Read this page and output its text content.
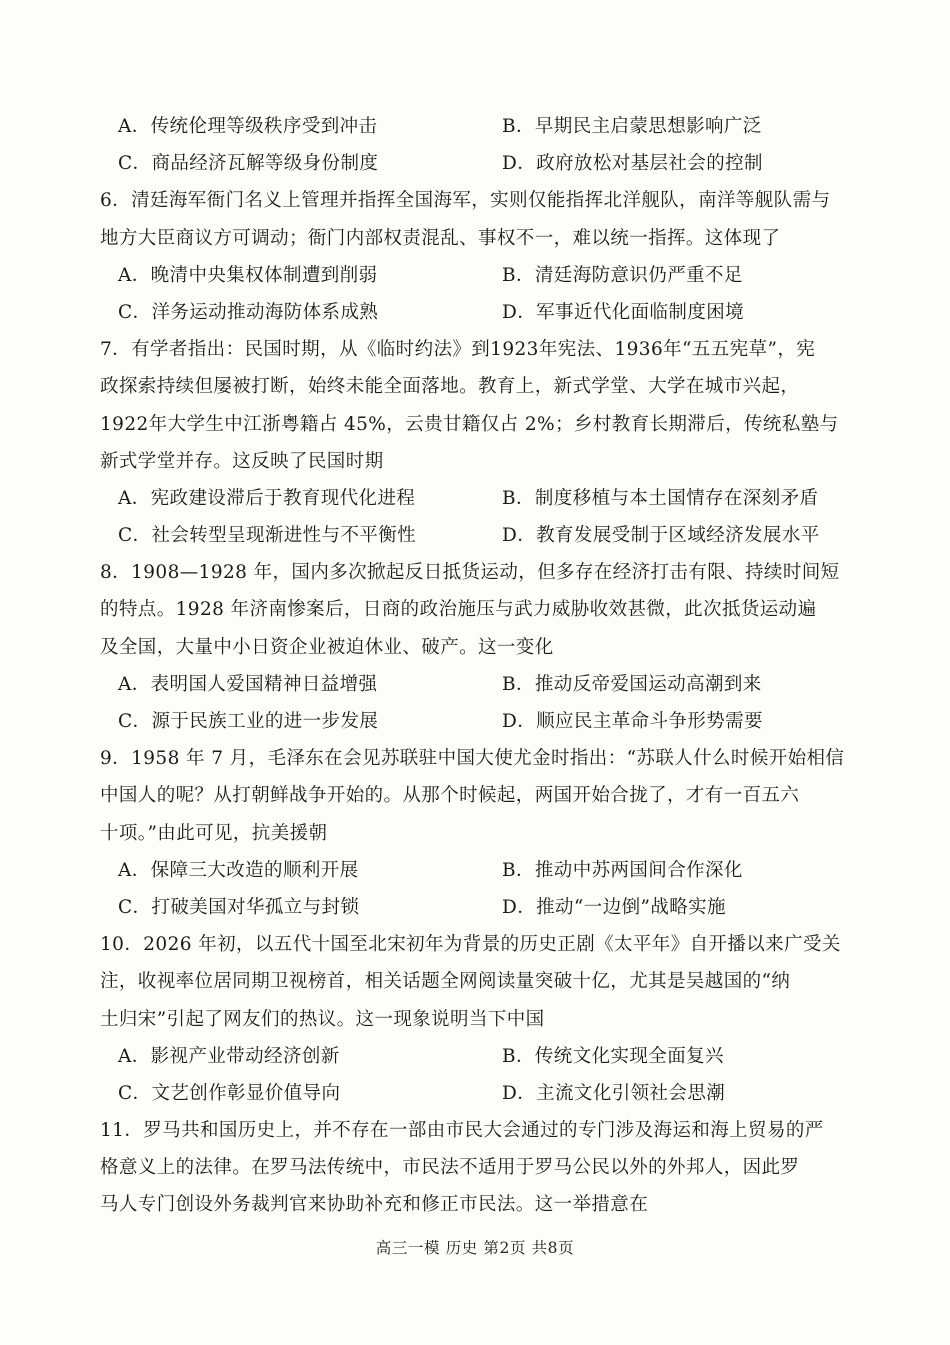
A．传统伦理等级秩序受到冲击	B．早期民主启蒙思想影响广泛
C．商品经济瓦解等级身份制度	D．政府放松对基层社会的控制
6．清廷海军衙门名义上管理并指挥全国海军，实则仅能指挥北洋舰队，南洋等舰队需与
地方大臣商议方可调动；衙门内部权责混乱、事权不一，难以统一指挥。这体现了
A．晚清中央集权体制遭到削弱	B．清廷海防意识仍严重不足
C．洋务运动推动海防体系成熟	D．军事近代化面临制度困境
7．有学者指出：民国时期，从《临时约法》到1923年宪法、1936年“五五宪草”，宪
政探索持续但屡被打断，始终未能全面落地。教育上，新式学堂、大学在城市兴起，
1922年大学生中江浙粤籍占 45%，云贵甘籍仅占 2%；乡村教育长期滞后，传统私塾与
新式学堂并存。这反映了民国时期
A．宪政建设滞后于教育现代化进程	B．制度移植与本土国情存在深刻矛盾
C．社会转型呈现渐进性与不平衡性	D．教育发展受制于区域经济发展水平
8．1908—1928 年，国内多次掀起反日抵货运动，但多存在经济打击有限、持续时间短
的特点。1928 年济南惨案后，日商的政治施压与武力威胁收效甚微，此次抵货运动遍
及全国，大量中小日资企业被迫休业、破产。这一变化
A．表明国人爱国精神日益增强	B．推动反帝爱国运动高潮到来
C．源于民族工业的进一步发展	D．顺应民主革命斗争形势需要
9．1958 年 7 月，毛泽东在会见苏联驻中国大使尤金时指出：“苏联人什么时候开始相信
中国人的呢？从打朝鲜战争开始的。从那个时候起，两国开始合拢了，才有一百五六
十项。”由此可见，抗美援朝
A．保障三大改造的顺利开展	B．推动中苏两国间合作深化
C．打破美国对华孤立与封锁	D．推动“一边倒”战略实施
10．2026 年初，以五代十国至北宋初年为背景的历史正剧《太平年》自开播以来广受关
注，收视率位居同期卫视榜首，相关话题全网阅读量突破十亿，尤其是吴越国的“纳
土归宋”引起了网友们的热议。这一现象说明当下中国
A．影视产业带动经济创新	B．传统文化实现全面复兴
C．文艺创作彰显价值导向	D．主流文化引领社会思潮
11．罗马共和国历史上，并不存在一部由市民大会通过的专门涉及海运和海上贸易的严
格意义上的法律。在罗马法传统中，市民法不适用于罗马公民以外的外邦人，因此罗
马人专门创设外务裁判官来协助补充和修正市民法。这一举措意在
高三一模 历史 第2页 共8页
